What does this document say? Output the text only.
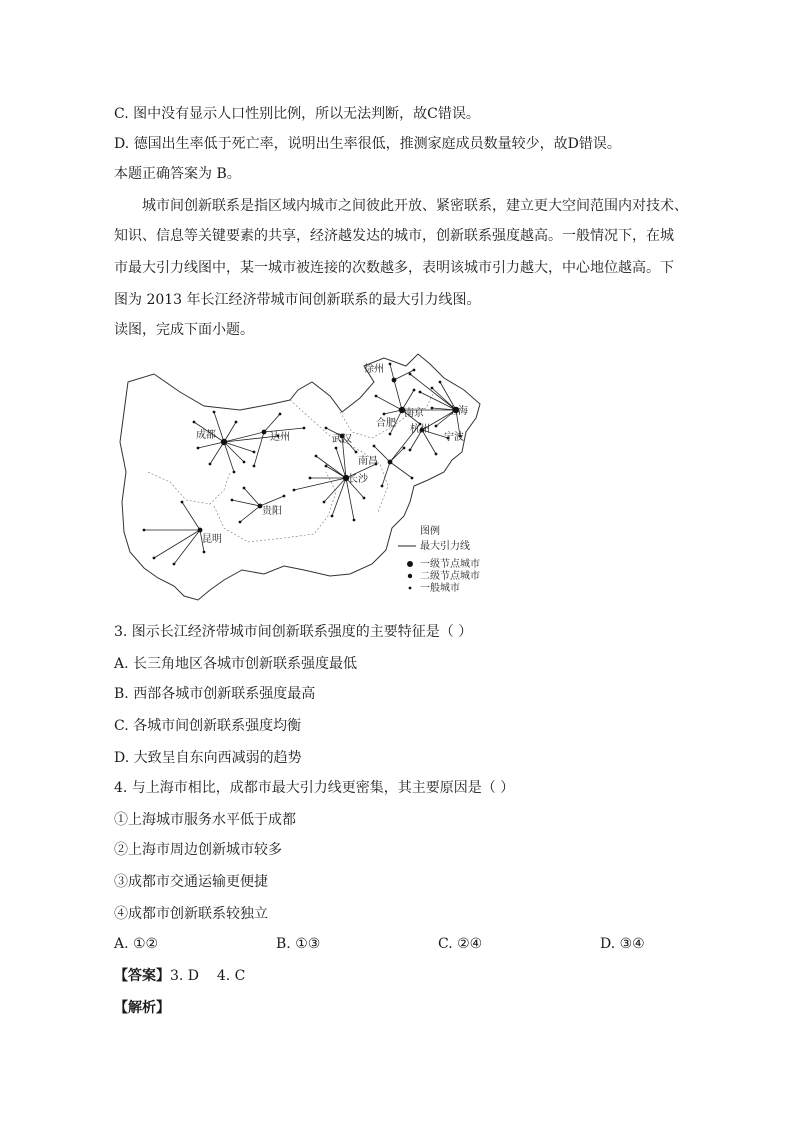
C. 图中没有显示人口性别比例，所以无法判断，故C错误。
D. 德国出生率低于死亡率，说明出生率很低，推测家庭成员数量较少，故D错误。
本题正确答案为 B。
城市间创新联系是指区域内城市之间彼此开放、紧密联系，建立更大空间范围内对技术、
知识、信息等关键要素的共享，经济越发达的城市，创新联系强度越高。一般情况下，在城
市最大引力线图中，某一城市被连接的次数越多，表明该城市引力越大，中心地位越高。下
图为 2013 年长江经济带城市间创新联系的最大引力线图。
读图，完成下面小题。
徐州
南京 上海
合肥
杭州
宁波
成都	达州	武汉
南昌
长沙
贵阳
昆明
图例
最大引力线
一级节点城市
二级节点城市
一般城市
3. 图示长江经济带城市间创新联系强度的主要特征是（ ）
A. 长三角地区各城市创新联系强度最低
B. 西部各城市创新联系强度最高
C. 各城市间创新联系强度均衡
D. 大致呈自东向西减弱的趋势
4. 与上海市相比，成都市最大引力线更密集，其主要原因是（ ）
①上海城市服务水平低于成都
②上海市周边创新城市较多
③成都市交通运输更便捷
④成都市创新联系较独立
A. ①②	B. ①③	C. ②④	D. ③④
【答案】3. D    4. C
【解析】
